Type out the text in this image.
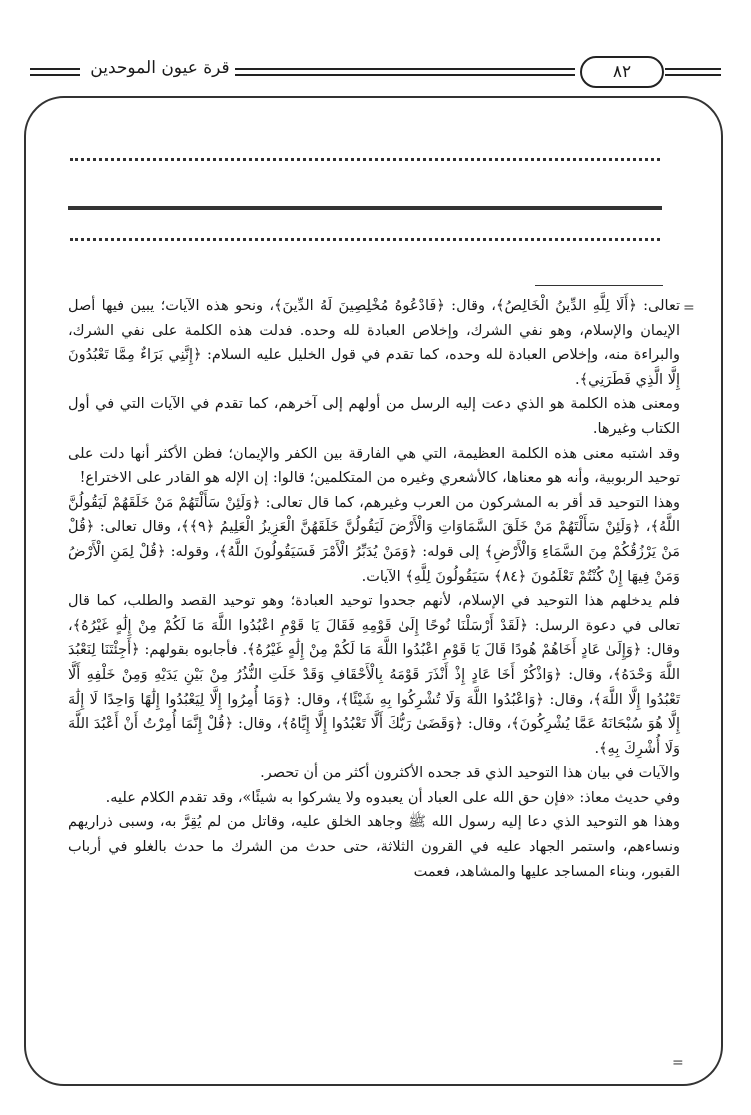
قرة عيون الموحدين	٨٢
=

تعالى: ﴿أَلَا لِلَّهِ الدِّينُ الْخَالِصُ﴾، وقال: ﴿فَادْعُوهُ مُخْلِصِينَ لَهُ الدِّينَ﴾، ونحو هذه الآيات؛ يبين فيها أصل الإيمان والإسلام، وهو نفي الشرك، وإخلاص العبادة لله وحده. فدلت هذه الكلمة على نفي الشرك، والبراءة منه، وإخلاص العبادة لله وحده، كما تقدم في قول الخليل عليه السلام: ﴿إِنَّنِي بَرَاءٌ مِمَّا تَعْبُدُونَ إِلَّا الَّذِي فَطَرَنِي﴾.

ومعنى هذه الكلمة هو الذي دعت إليه الرسل من أولهم إلى آخرهم، كما تقدم في الآيات التي في أول الكتاب وغيرها.

وقد اشتبه معنى هذه الكلمة العظيمة، التي هي الفارقة بين الكفر والإيمان؛ فظن الأكثر أنها دلت على توحيد الربوبية، وأنه هو معناها، كالأشعري وغيره من المتكلمين؛ قالوا: إن الإله هو القادر على الاختراع!

وهذا التوحيد قد أقر به المشركون من العرب وغيرهم، كما قال تعالى: ﴿وَلَئِنْ سَأَلْتَهُمْ مَنْ خَلَقَهُمْ لَيَقُولُنَّ اللَّهُ﴾، ﴿وَلَئِنْ سَأَلْتَهُمْ مَنْ خَلَقَ السَّمَاوَاتِ وَالْأَرْضَ لَيَقُولُنَّ خَلَقَهُنَّ الْعَزِيزُ الْعَلِيمُ ﴿٩﴾﴾، وقال تعالى: ﴿قُلْ مَنْ يَرْزُقُكُمْ مِنَ السَّمَاءِ وَالْأَرْضِ﴾ إلى قوله: ﴿وَمَنْ يُدَبِّرُ الْأَمْرَ فَسَيَقُولُونَ اللَّهُ﴾، وقوله: ﴿قُلْ لِمَنِ الْأَرْضُ وَمَنْ فِيهَا إِنْ كُنْتُمْ تَعْلَمُونَ ﴿٨٤﴾ سَيَقُولُونَ لِلَّهِ﴾ الآيات.

فلم يدخلهم هذا التوحيد في الإسلام، لأنهم جحدوا توحيد العبادة؛ وهو توحيد القصد والطلب، كما قال تعالى في دعوة الرسل: ﴿لَقَدْ أَرْسَلْنَا نُوحًا إِلَىٰ قَوْمِهِ فَقَالَ يَا قَوْمِ اعْبُدُوا اللَّهَ مَا لَكُمْ مِنْ إِلَٰهٍ غَيْرُهُ﴾، وقال: ﴿وَإِلَىٰ عَادٍ أَخَاهُمْ هُودًا قَالَ يَا قَوْمِ اعْبُدُوا اللَّهَ مَا لَكُمْ مِنْ إِلَٰهٍ غَيْرُهُ﴾. فأجابوه بقولهم: ﴿أَجِئْتَنَا لِنَعْبُدَ اللَّهَ وَحْدَهُ﴾، وقال: ﴿وَاذْكُرْ أَخَا عَادٍ إِذْ أَنْذَرَ قَوْمَهُ بِالْأَحْقَافِ وَقَدْ خَلَتِ النُّذُرُ مِنْ بَيْنِ يَدَيْهِ وَمِنْ خَلْفِهِ أَلَّا تَعْبُدُوا إِلَّا اللَّهَ﴾، وقال: ﴿وَاعْبُدُوا اللَّهَ وَلَا تُشْرِكُوا بِهِ شَيْئًا﴾، وقال: ﴿وَمَا أُمِرُوا إِلَّا لِيَعْبُدُوا إِلَٰهًا وَاحِدًا لَا إِلَٰهَ إِلَّا هُوَ سُبْحَانَهُ عَمَّا يُشْرِكُونَ﴾، وقال: ﴿وَقَضَىٰ رَبُّكَ أَلَّا تَعْبُدُوا إِلَّا إِيَّاهُ﴾، وقال: ﴿قُلْ إِنَّمَا أُمِرْتُ أَنْ أَعْبُدَ اللَّهَ وَلَا أُشْرِكَ بِهِ﴾.

والآيات في بيان هذا التوحيد الذي قد جحده الأكثرون أكثر من أن تحصر.

وفي حديث معاذ: «فإن حق الله على العباد أن يعبدوه ولا يشركوا به شيئًا»، وقد تقدم الكلام عليه.

وهذا هو التوحيد الذي دعا إليه رسول الله ﷺ وجاهد الخلق عليه، وقاتل من لم يُقِرَّ به، وسبى ذراريهم ونساءهم، واستمر الجهاد عليه في القرون الثلاثة، حتى حدث من الشرك ما حدث بالغلو في أرباب القبور، وبناء المساجد عليها والمشاهد، فعمت

=
